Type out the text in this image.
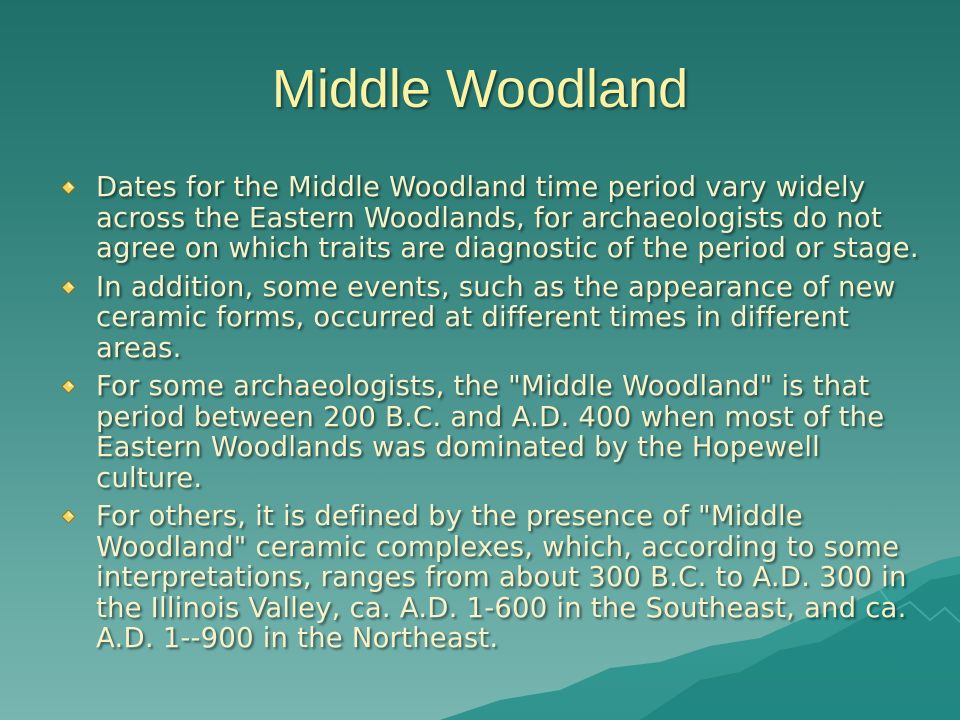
Middle Woodland
Dates for the Middle Woodland time period vary widely across the Eastern Woodlands, for archaeologists do not agree on which traits are diagnostic of the period or stage.
In addition, some events, such as the appearance of new ceramic forms, occurred at different times in different areas.
For some archaeologists, the "Middle Woodland" is that period between 200 B.C. and A.D. 400 when most of the Eastern Woodlands was dominated by the Hopewell culture.
For others, it is defined by the presence of "Middle Woodland" ceramic complexes, which, according to some interpretations, ranges from about 300 B.C. to A.D. 300 in the Illinois Valley, ca. A.D. 1-600 in the Southeast, and ca. A.D. 1--900 in the Northeast.
